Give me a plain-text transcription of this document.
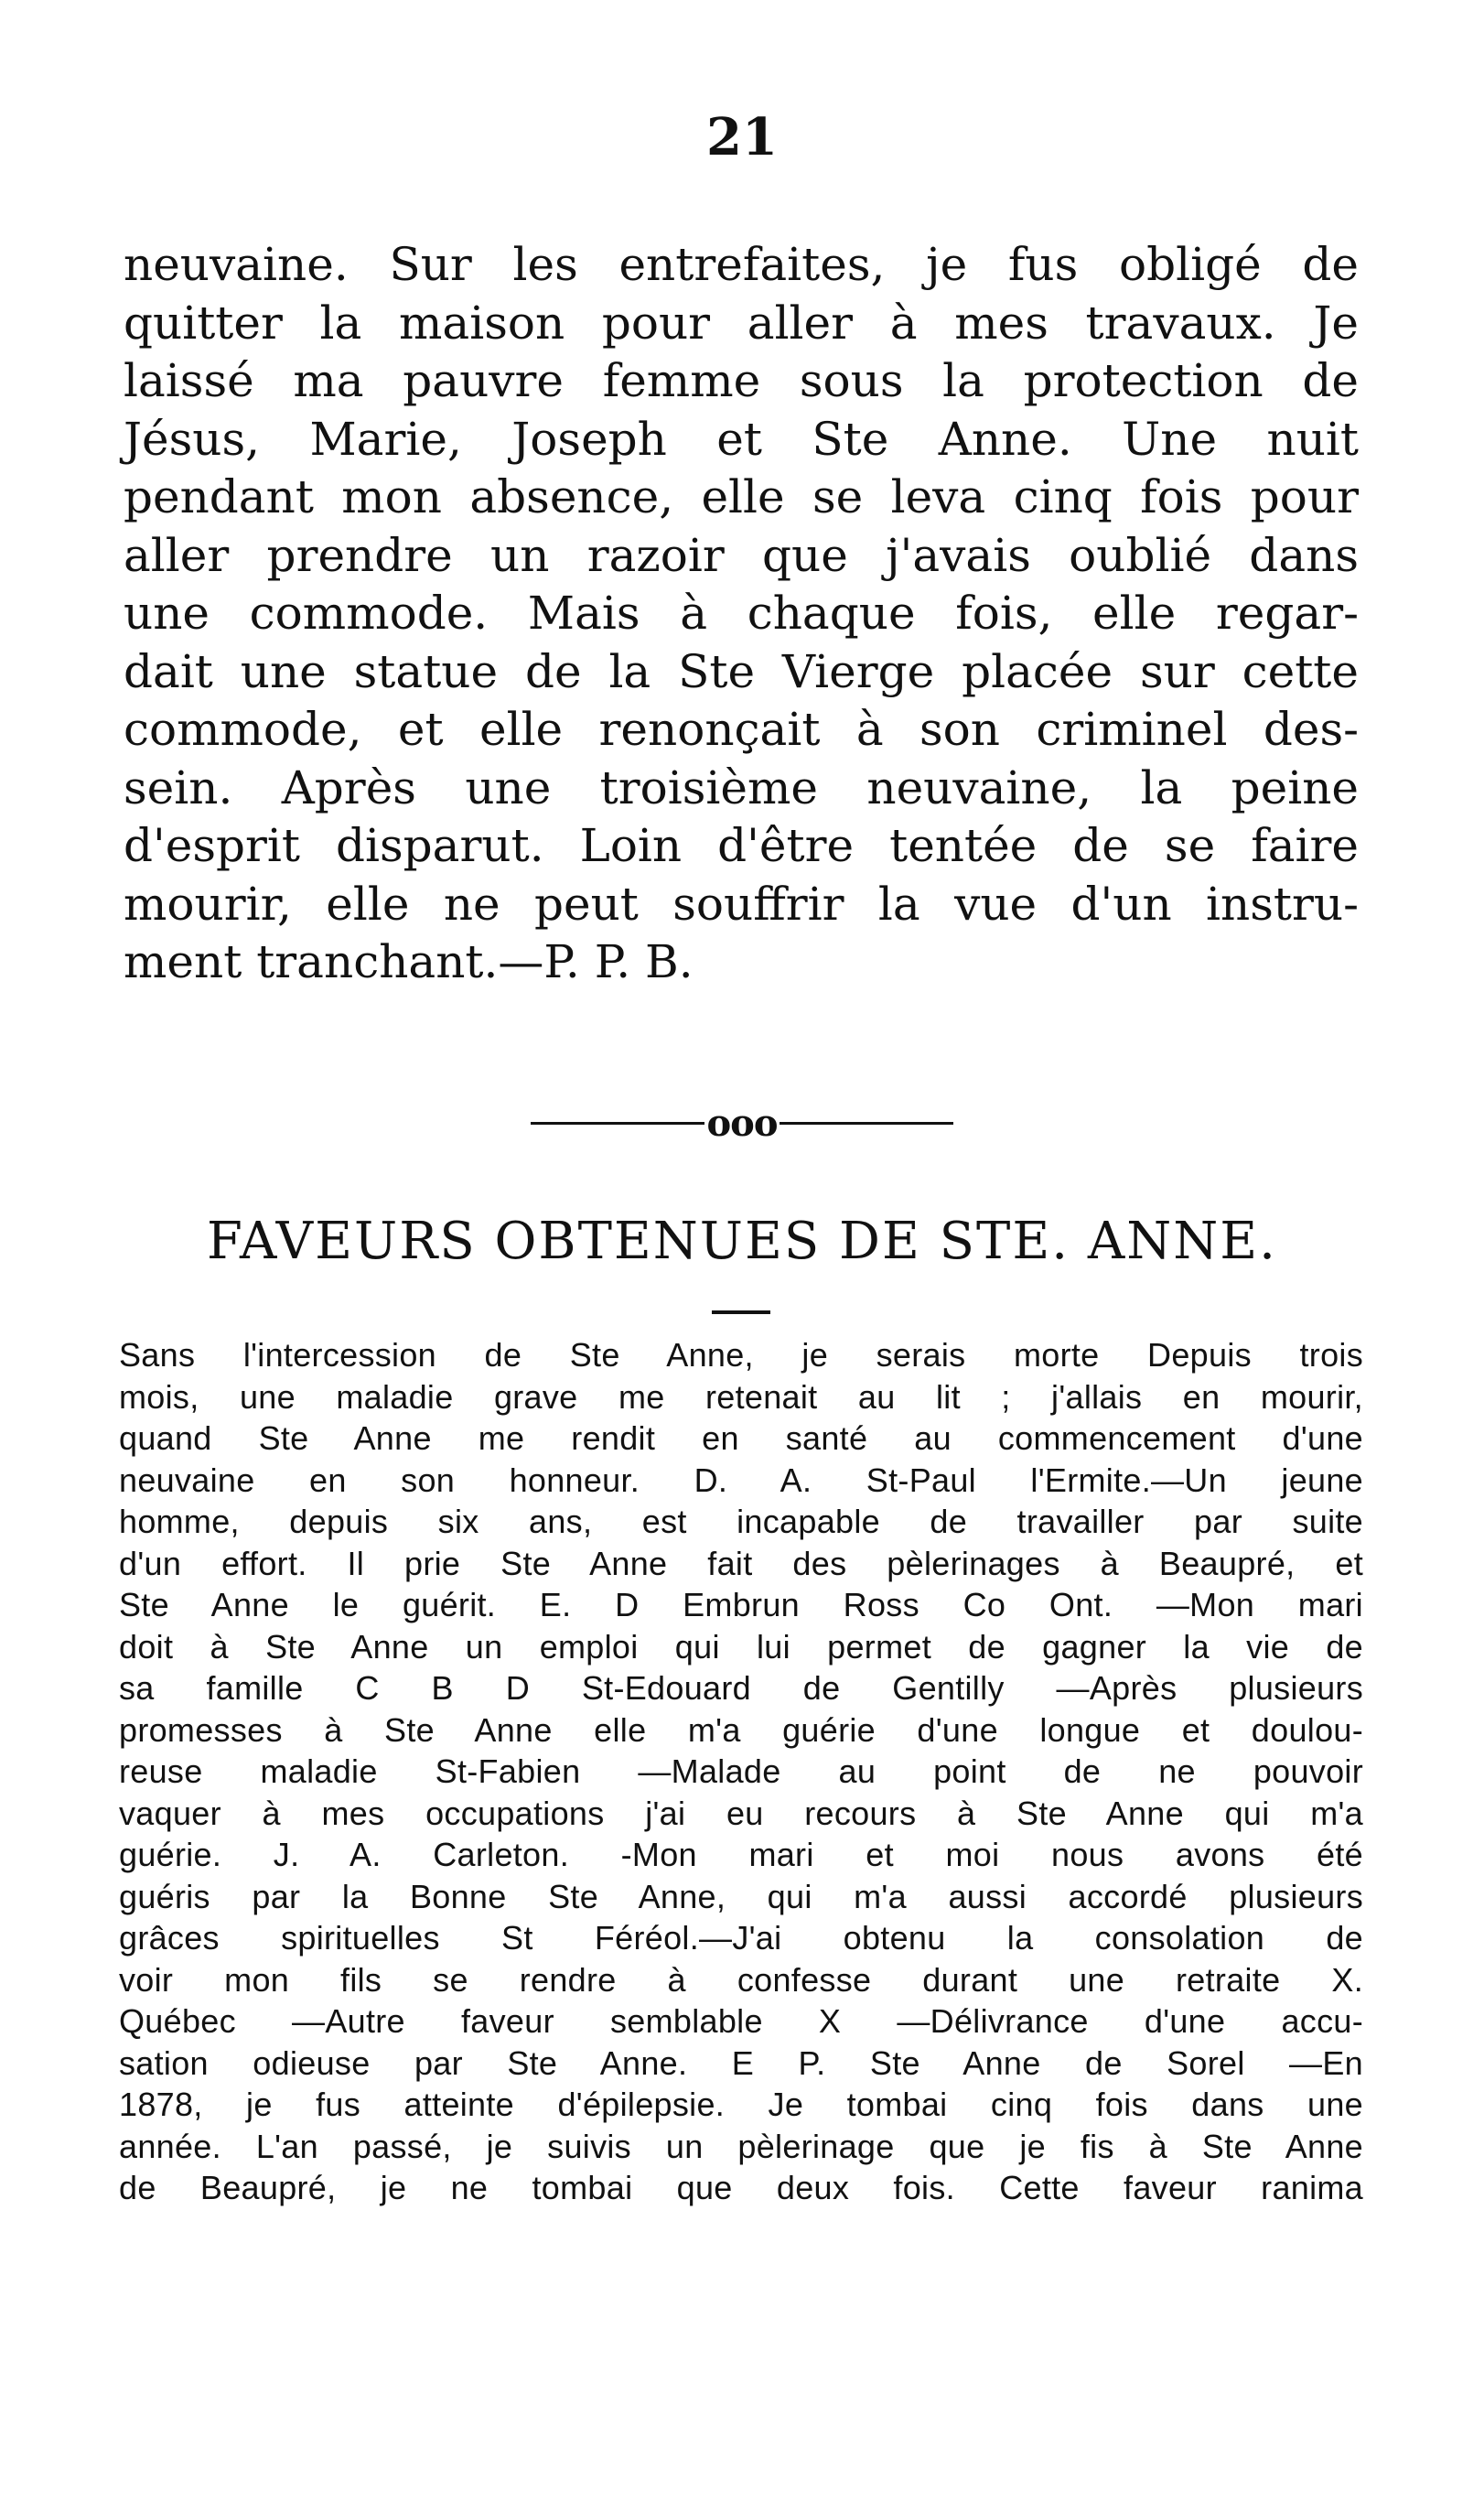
21
neuvaine. Sur les entrefaites, je fus obligé de
quitter la maison pour aller à mes travaux. Je
laissé ma pauvre femme sous la protection de
Jésus, Marie, Joseph et Ste Anne. Une nuit
pendant mon absence, elle se leva cinq fois pour
aller prendre un razoir que j'avais oublié dans
une commode. Mais à chaque fois, elle regar-
dait une statue de la Ste Vierge placée sur cette
commode, et elle renonçait à son criminel des-
sein. Après une troisième neuvaine, la peine
d'esprit disparut. Loin d'être tentée de se faire
mourir, elle ne peut souffrir la vue d'un instru-
ment tranchant.—P. P. B.
ooo
FAVEURS OBTENUES DE STE. ANNE.
Sans l'intercession de Ste Anne, je serais morte Depuis trois
mois, une maladie grave me retenait au lit ; j'allais en mourir,
quand Ste Anne me rendit en santé au commencement d'une
neuvaine en son honneur. D. A. St-Paul l'Ermite.—Un jeune
homme, depuis six ans, est incapable de travailler par suite
d'un effort. Il prie Ste Anne fait des pèlerinages à Beaupré, et
Ste Anne le guérit. E. D Embrun Ross Co Ont. —Mon mari
doit à Ste Anne un emploi qui lui permet de gagner la vie de
sa famille C B D St-Edouard de Gentilly —Après plusieurs
promesses à Ste Anne elle m'a guérie d'une longue et doulou-
reuse maladie St-Fabien —Malade au point de ne pouvoir
vaquer à mes occupations j'ai eu recours à Ste Anne qui m'a
guérie. J. A. Carleton. -Mon mari et moi nous avons été
guéris par la Bonne Ste Anne, qui m'a aussi accordé plusieurs
grâces spirituelles St Féréol.—J'ai obtenu la consolation de
voir mon fils se rendre à confesse durant une retraite X.
Québec —Autre faveur semblable X —Délivrance d'une accu-
sation odieuse par Ste Anne. E P. Ste Anne de Sorel —En
1878, je fus atteinte d'épilepsie. Je tombai cinq fois dans une
année. L'an passé, je suivis un pèlerinage que je fis à Ste Anne
de Beaupré, je ne tombai que deux fois. Cette faveur ranima
